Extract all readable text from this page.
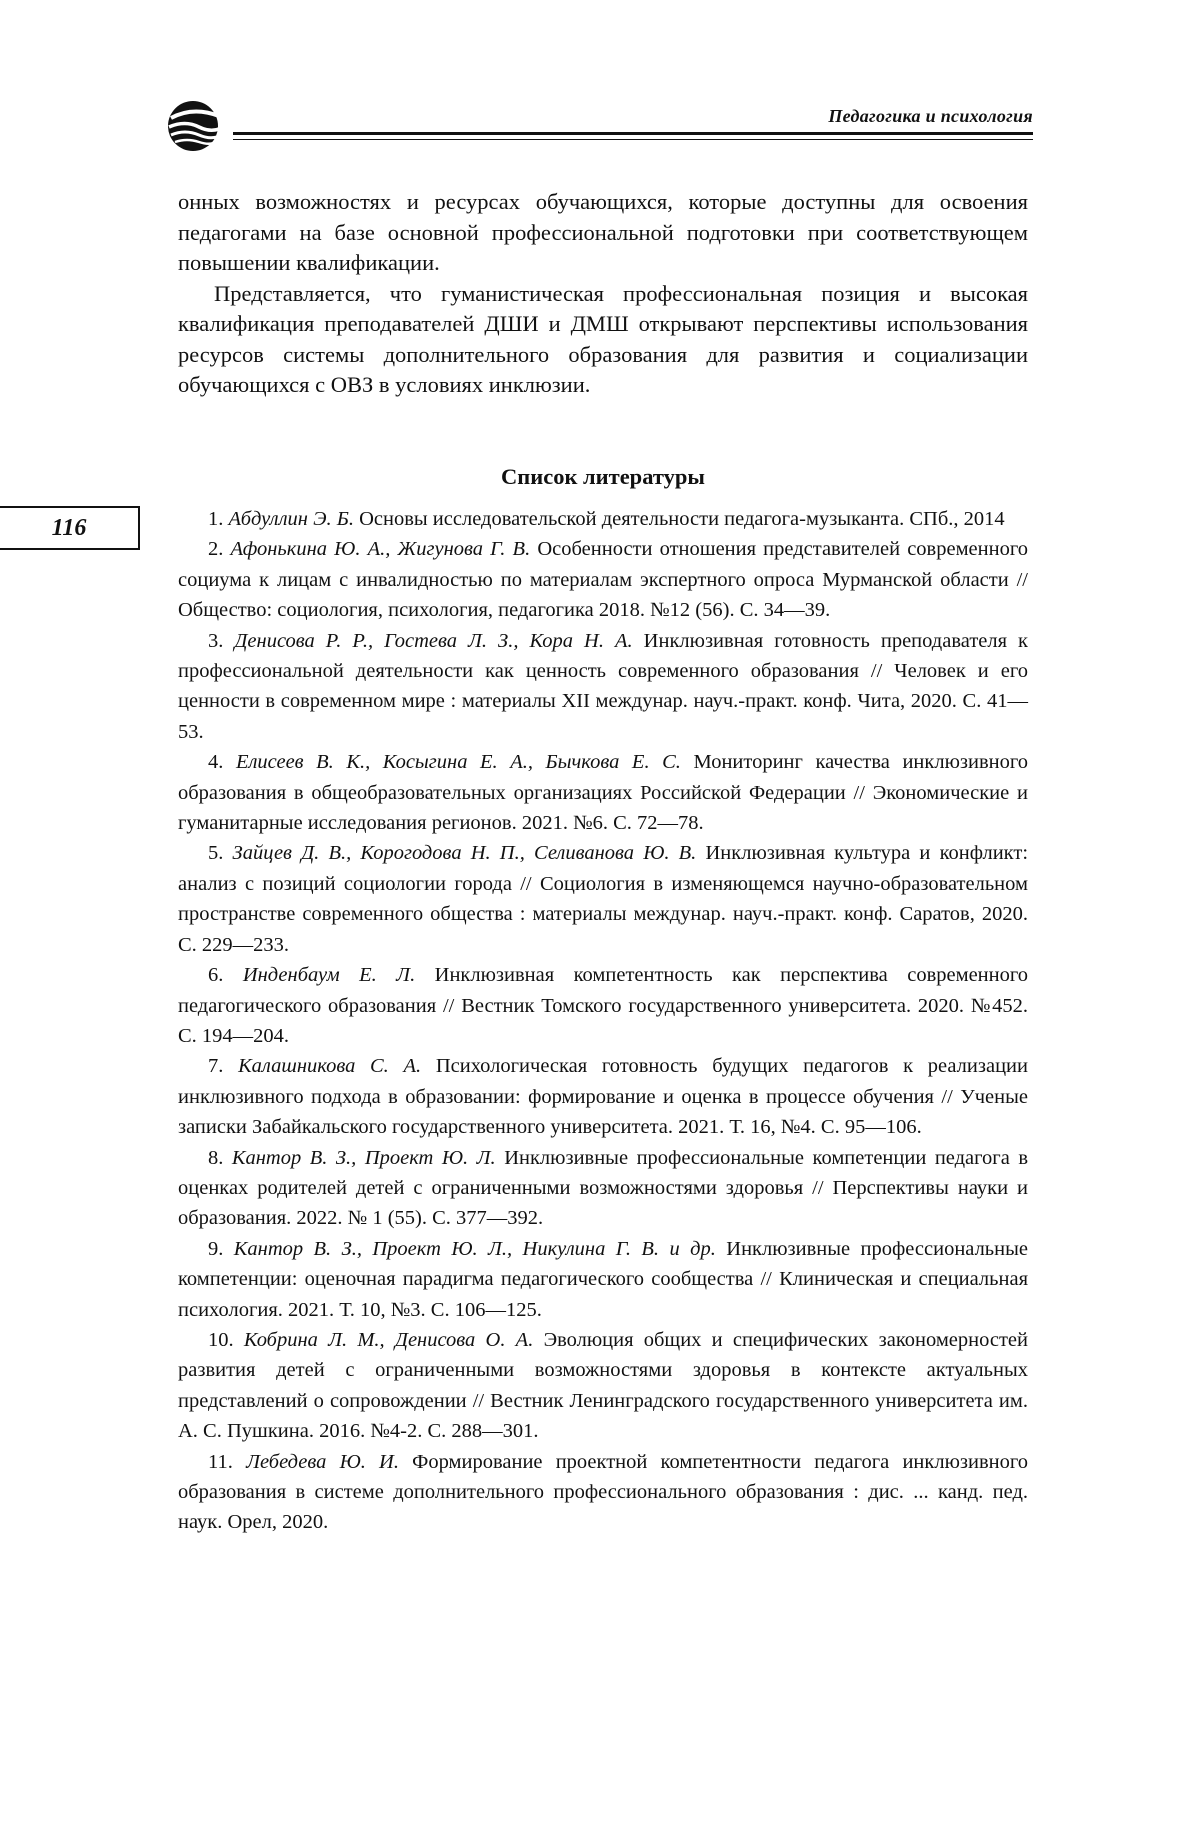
Педагогика и психология

онных возможностях и ресурсах обучающихся, которые доступны для освоения педагогами на базе основной профессиональной подготовки при соответствующем повышении квалификации.

Представляется, что гуманистическая профессиональная позиция и высокая квалификация преподавателей ДШИ и ДМШ открывают перспективы использования ресурсов системы дополнительного образования для развития и социализации обучающихся с ОВЗ в условиях инклюзии.

Список литературы
116	1. Абдуллин Э. Б. Основы исследовательской деятельности педагога-музыканта. СПб., 2014

2. Афонькина Ю. А., Жигунова Г. В. Особенности отношения представителей современного социума к лицам с инвалидностью по материалам экспертного опроса Мурманской области // Общество: социология, психология, педагогика 2018. №12 (56). С. 34—39.

3. Денисова Р. Р., Гостева Л. З., Кора Н. А. Инклюзивная готовность преподавателя к профессиональной деятельности как ценность современного образования // Человек и его ценности в современном мире : материалы XII междунар. науч.-практ. конф. Чита, 2020. С. 41—53.

4. Елисеев В. К., Косыгина Е. А., Бычкова Е. С. Мониторинг качества инклюзивного образования в общеобразовательных организациях Российской Федерации // Экономические и гуманитарные исследования регионов. 2021. №6. С. 72—78.

5. Зайцев Д. В., Корогодова Н. П., Селиванова Ю. В. Инклюзивная культура и конфликт: анализ с позиций социологии города // Социология в изменяющемся научно-образовательном пространстве современного общества : материалы междунар. науч.-практ. конф. Саратов, 2020. С. 229—233.

6. Инденбаум Е. Л. Инклюзивная компетентность как перспектива современного педагогического образования // Вестник Томского государственного университета. 2020. №452. С. 194—204.

7. Калашникова С. А. Психологическая готовность будущих педагогов к реализации инклюзивного подхода в образовании: формирование и оценка в процессе обучения // Ученые записки Забайкальского государственного университета. 2021. Т. 16, №4. С. 95—106.

8. Кантор В. З., Проект Ю. Л. Инклюзивные профессиональные компетенции педагога в оценках родителей детей с ограниченными возможностями здоровья // Перспективы науки и образования. 2022. № 1 (55). С. 377—392.

9. Кантор В. З., Проект Ю. Л., Никулина Г. В. и др. Инклюзивные профессиональные компетенции: оценочная парадигма педагогического сообщества // Клиническая и специальная психология. 2021. Т. 10, №3. С. 106—125.

10. Кобрина Л. М., Денисова О. А. Эволюция общих и специфических закономерностей развития детей с ограниченными возможностями здоровья в контексте актуальных представлений о сопровождении // Вестник Ленинградского государственного университета им. А. С. Пушкина. 2016. №4-2. С. 288—301.

11. Лебедева Ю. И. Формирование проектной компетентности педагога инклюзивного образования в системе дополнительного профессионального образования : дис. ... канд. пед. наук. Орел, 2020.
